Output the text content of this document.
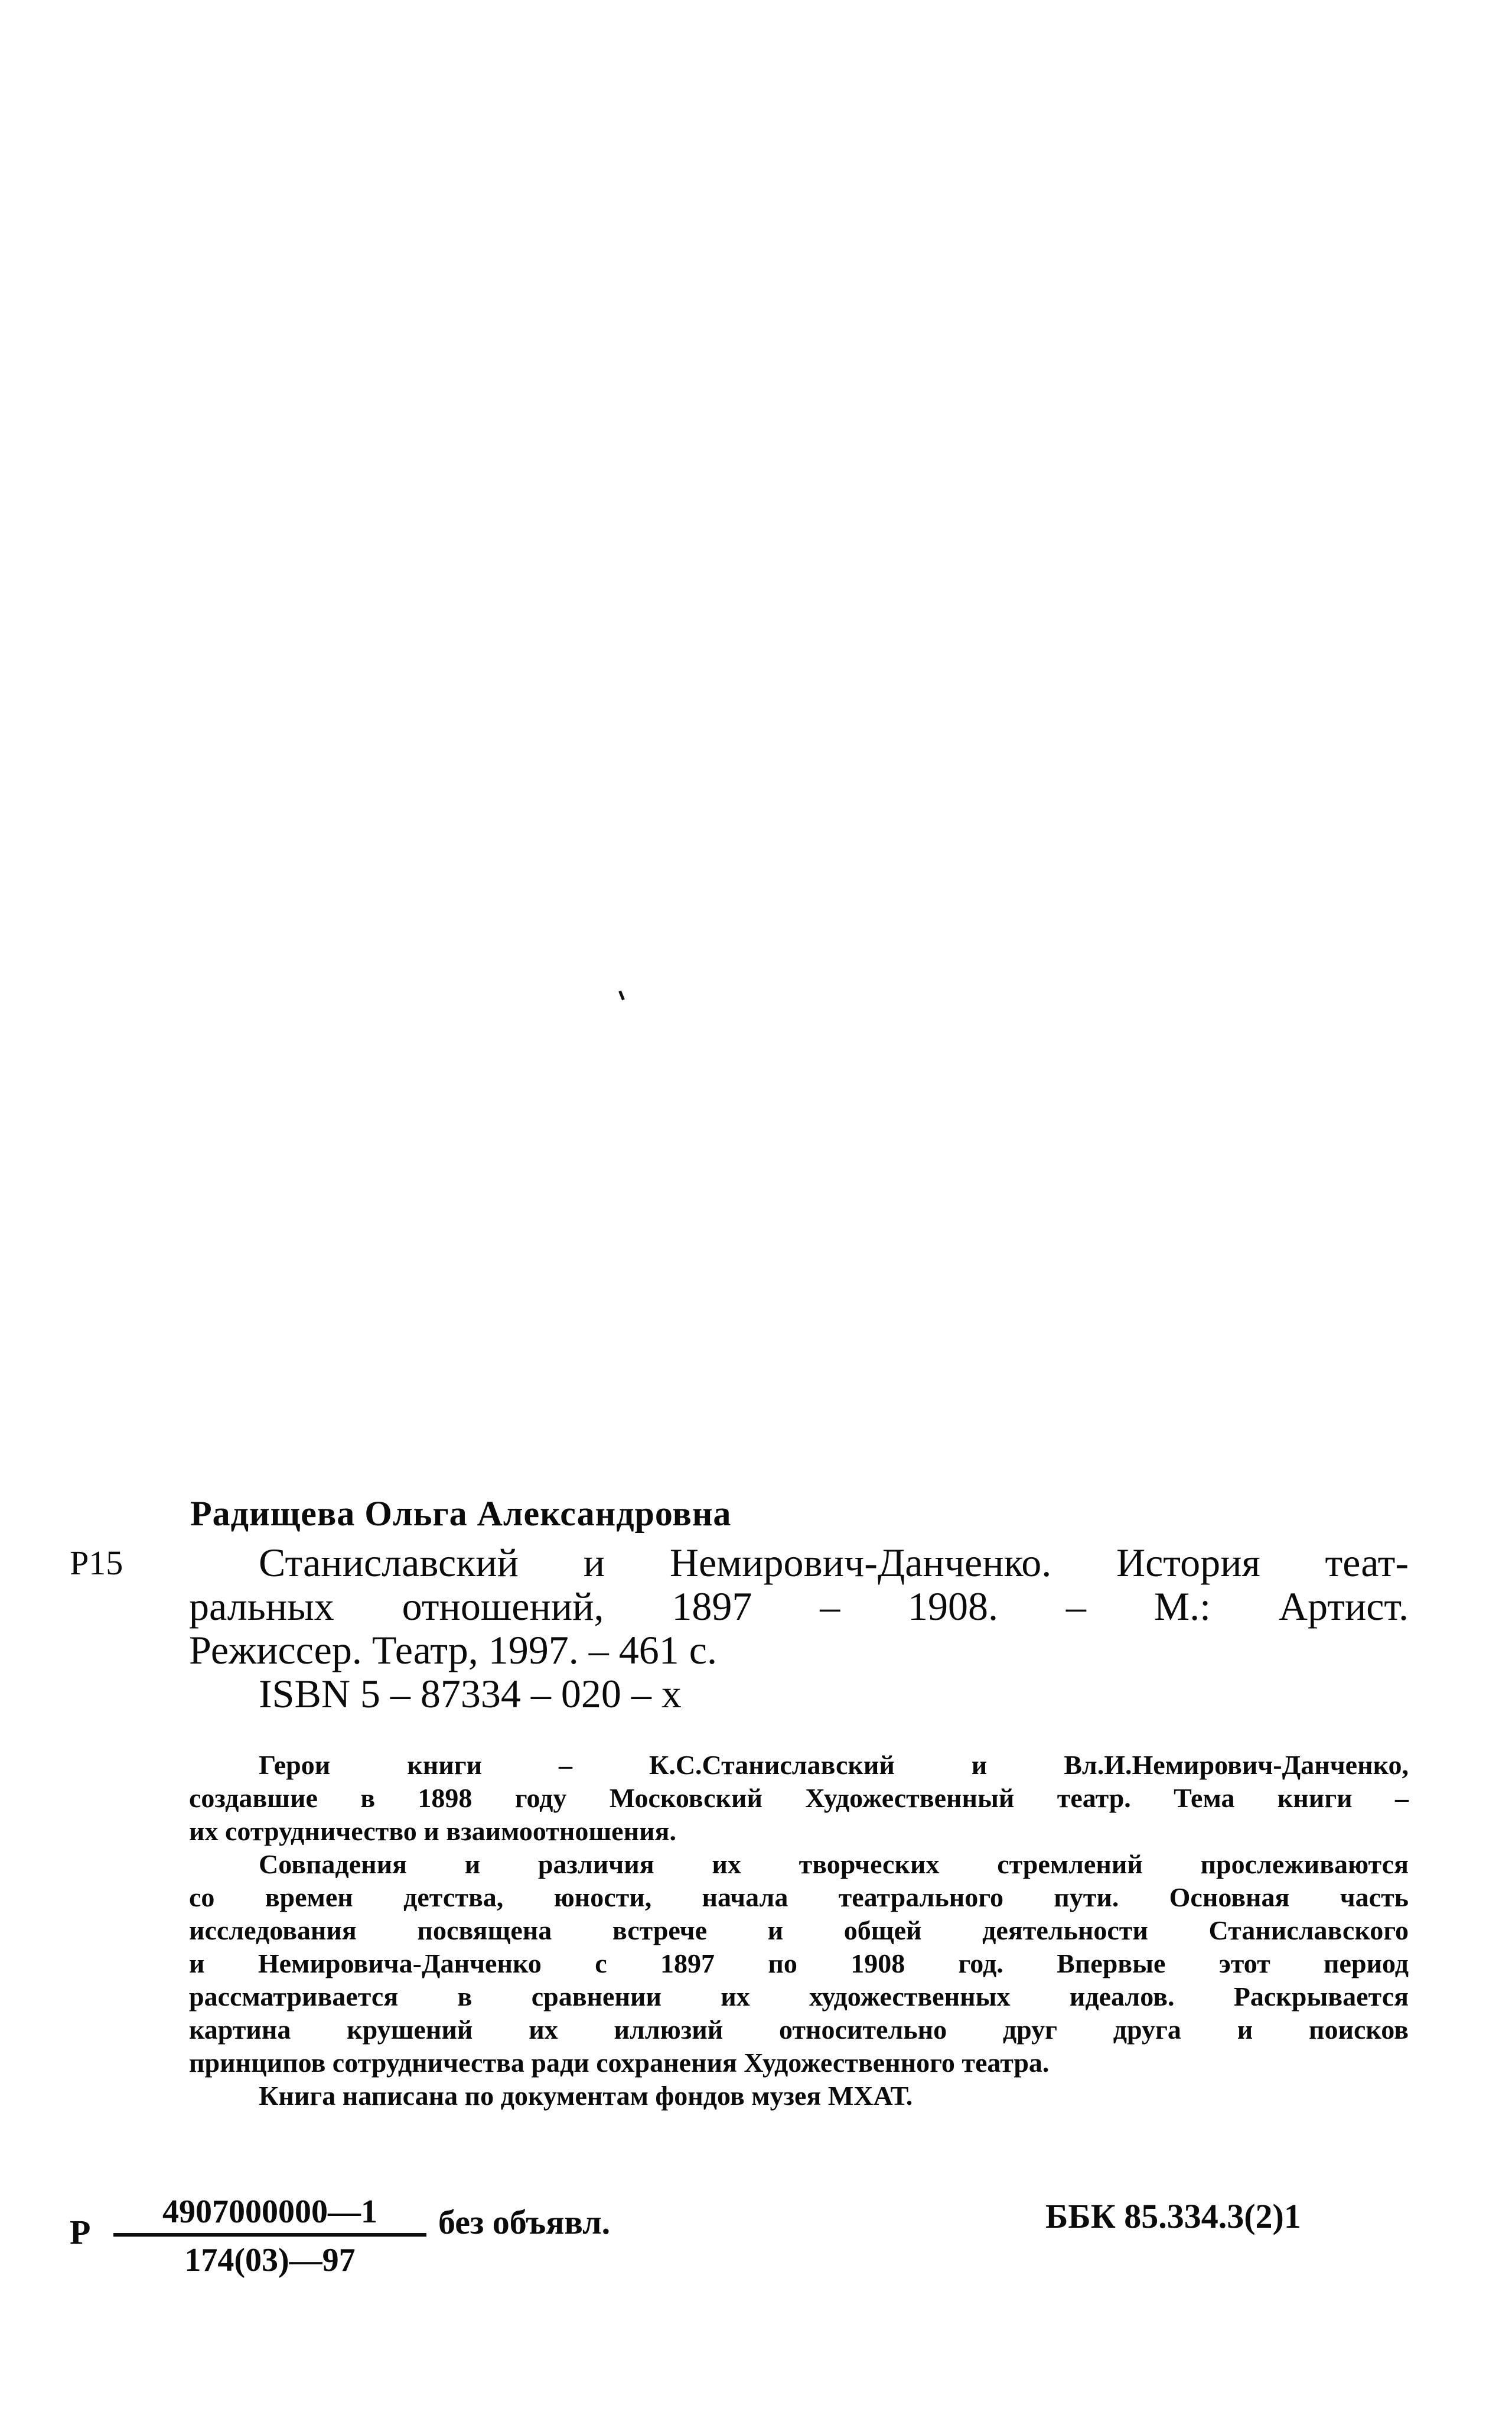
Радищева Ольга Александровна
Р15	Станиславский и Немирович-Данченко. История теат-
ральных отношений, 1897 – 1908. – М.: Артист.
Режиссер. Театр, 1997. – 461 с.
ISBN 5 – 87334 – 020 – х
Герои книги – К.С.Станиславский и Вл.И.Немирович-Данченко,
создавшие в 1898 году Московский Художественный театр. Тема книги –
их сотрудничество и взаимоотношения.
Совпадения и различия их творческих стремлений прослеживаются
со времен детства, юности, начала театрального пути. Основная часть
исследования посвящена встрече и общей деятельности Станиславского
и Немировича-Данченко с 1897 по 1908 год. Впервые этот период
рассматривается в сравнении их художественных идеалов. Раскрывается
картина крушений их иллюзий относительно друг друга и поисков
принципов сотрудничества ради сохранения Художественного театра.
Книга написана по документам фондов музея МХАТ.
Р $\frac{4907000000—1}{174(03)—97}$ без объявл.	ББК 85.334.3(2)1
